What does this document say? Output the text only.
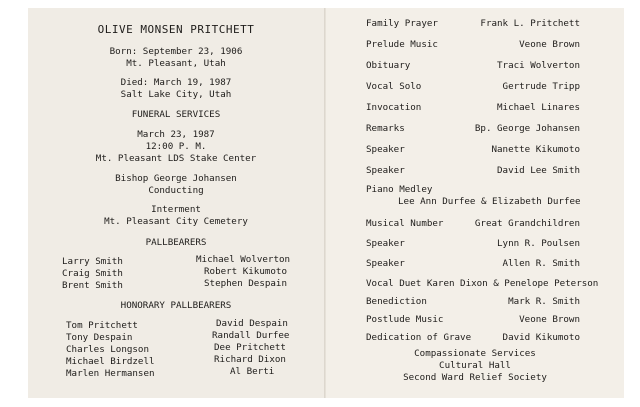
OLIVE MONSEN PRITCHETT
Born: September 23, 1906
Mt. Pleasant, Utah
Died: March 19, 1987
Salt Lake City, Utah
FUNERAL SERVICES
March 23, 1987
12:00 P. M.
Mt. Pleasant LDS Stake Center
Bishop George Johansen
Conducting
Interment
Mt. Pleasant City Cemetery
PALLBEARERS
Larry Smith
Craig Smith
Brent Smith
Michael Wolverton
Robert Kikumoto
Stephen Despain
HONORARY PALLBEARERS
Tom Pritchett
Tony Despain
Charles Longson
Michael Birdzell
Marlen Hermansen
David Despain
Randall Durfee
Dee Pritchett
Richard Dixon
Al Berti
Family Prayer	Frank L. Pritchett
Prelude Music	Veone Brown
Obituary	Traci Wolverton
Vocal Solo	Gertrude Tripp
Invocation	Michael Linares
Remarks	Bp. George Johansen
Speaker	Nanette Kikumoto
Speaker	David Lee Smith
Piano Medley
Lee Ann Durfee & Elizabeth Durfee
Musical Number	Great Grandchildren
Speaker	Lynn R. Poulsen
Speaker	Allen R. Smith
Vocal Duet Karen Dixon & Penelope Peterson
Benediction	Mark R. Smith
Postlude Music	Veone Brown
Dedication of Grave	David Kikumoto
Compassionate Services
Cultural Hall
Second Ward Relief Society
